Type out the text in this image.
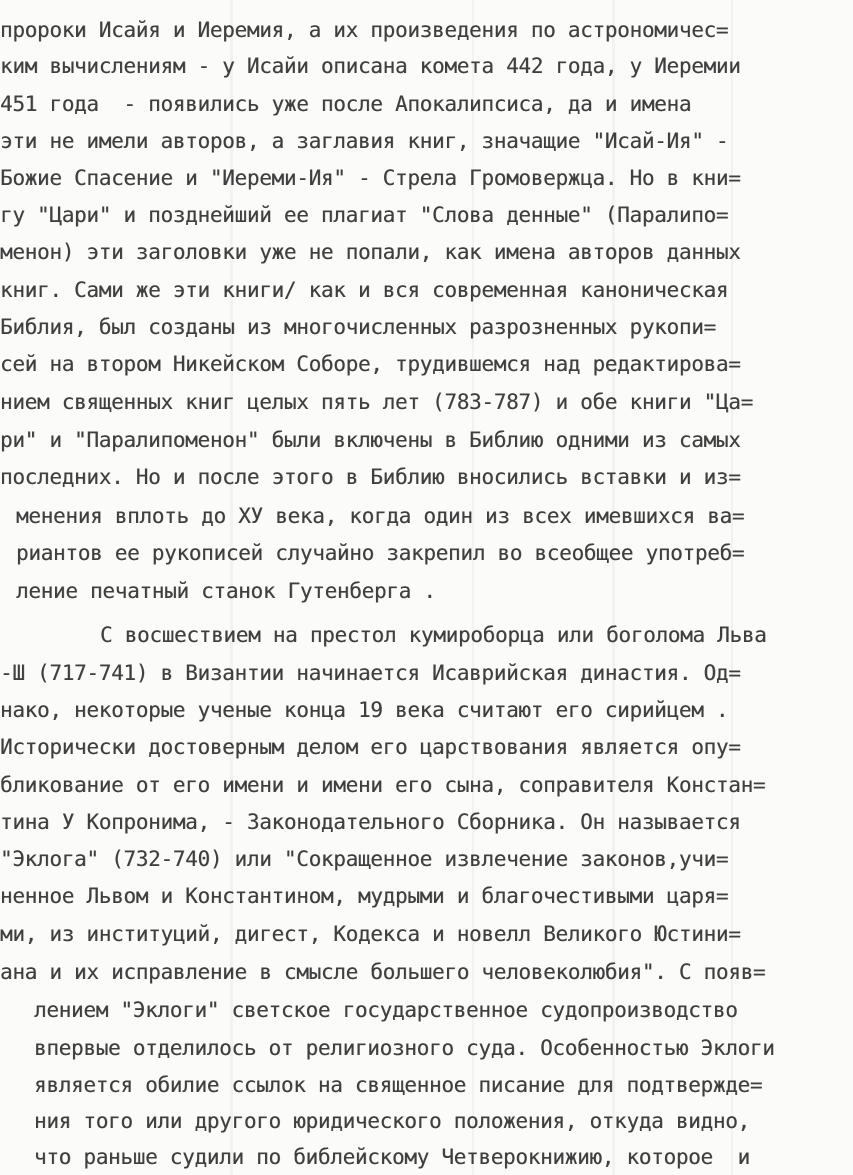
пророки Исайя и Иеремия, а их произведения по астрономичес=
ким вычислениям - у Исайи описана комета 442 года, у Иеремии
451 года  - появились уже после Апокалипсиса, да и имена
эти не имели авторов, а заглавия книг, значащие "Исай-Ия" -
Божие Спасение и "Иереми-Ия" - Стрела Громовержца. Но в кни=
гу "Цари" и позднейший ее плагиат "Слова денные" (Паралипо=
менон) эти заголовки уже не попали, как имена авторов данных
книг. Сами же эти книги/ как и вся современная каноническая
Библия, был созданы из многочисленных разрозненных рукопи=
сей на втором Никейском Соборе, трудившемся над редактирова=
нием священных книг целых пять лет (783-787) и обе книги "Ца=
ри" и "Паралипоменон" были включены в Библию одними из самых
последних. Но и после этого в Библию вносились вставки и из=
менения вплоть до XУ века, когда один из всех имевшихся ва=
риантов ее рукописей случайно закрепил во всеобщее употреб=
ление печатный станок Гутенберга .
С восшествием на престол кумироборца или боголома Льва
-Ш (717-741) в Византии начинается Исаврийская династия. Од=
нако, некоторые ученые конца 19 века считают его сирийцем .
Исторически достоверным делом его царствования является опу=
бликование от его имени и имени его сына, соправителя Констан=
тина У Копронима, - Законодательного Сборника. Он называется
"Эклога" (732-740) или "Сокращенное извлечение законов,учи=
ненное Львом и Константином, мудрыми и благочестивыми царя=
ми, из институций, дигест, Кодекса и новелл Великого Юстини=
ана и их исправление в смысле большего человеколюбия". С появ=
лением "Эклоги" светское государственное судопроизводство
впервые отделилось от религиозного суда. Особенностью Эклоги
является обилие ссылок на священное писание для подтвержде=
ния того или другого юридического положения, откуда видно,
что раньше судили по библейскому Четверокнижию, которое  и
